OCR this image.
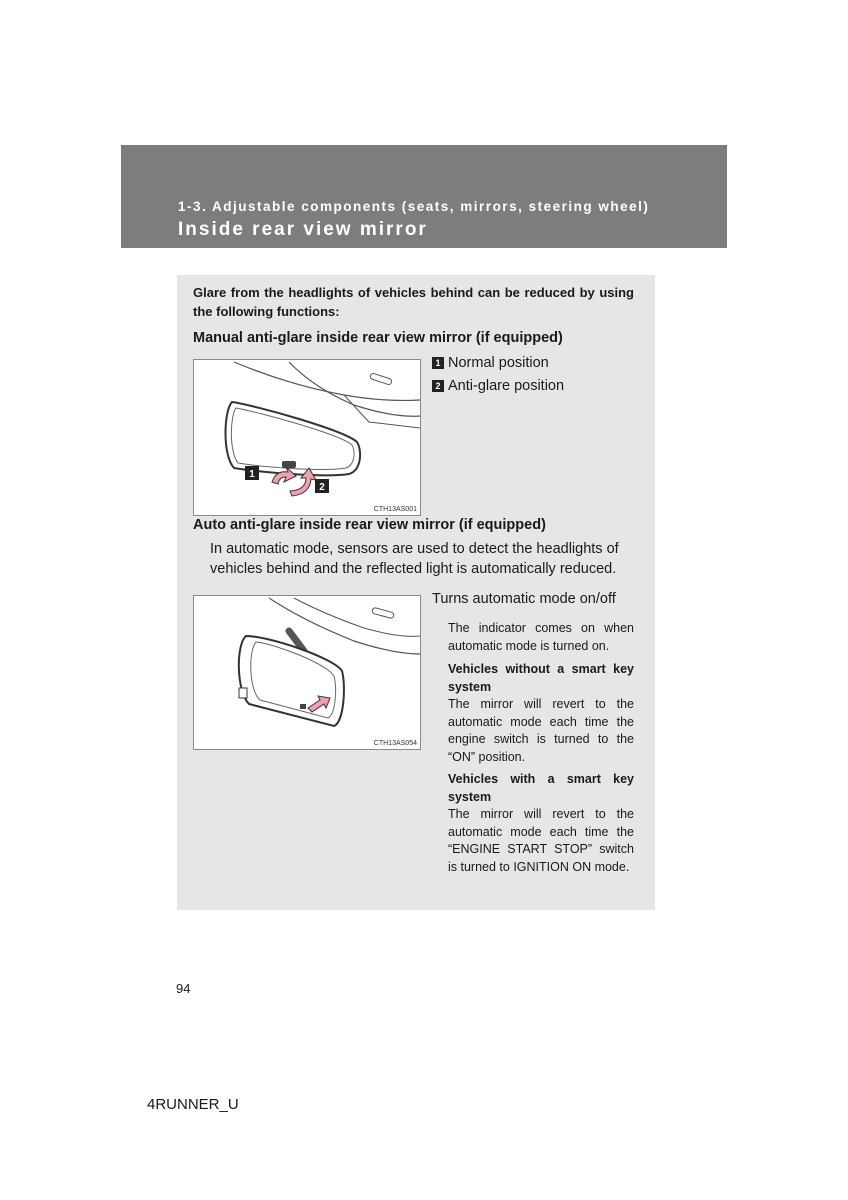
1-3. Adjustable components (seats, mirrors, steering wheel)
Inside rear view mirror
Glare from the headlights of vehicles behind can be reduced by using the following functions:
Manual anti-glare inside rear view mirror (if equipped)
1
2
CTH13AS001
1 Normal position
2 Anti-glare position
Auto anti-glare inside rear view mirror (if equipped)
In automatic mode, sensors are used to detect the headlights of vehicles behind and the reflected light is automatically reduced.
CTH13AS054
Turns automatic mode on/off
The indicator comes on when automatic mode is turned on.
Vehicles without a smart key system
The mirror will revert to the automatic mode each time the engine switch is turned to the “ON” position.
Vehicles with a smart key system
The mirror will revert to the automatic mode each time the “ENGINE START STOP” switch is turned to IGNITION ON mode.
94
4RUNNER_U
